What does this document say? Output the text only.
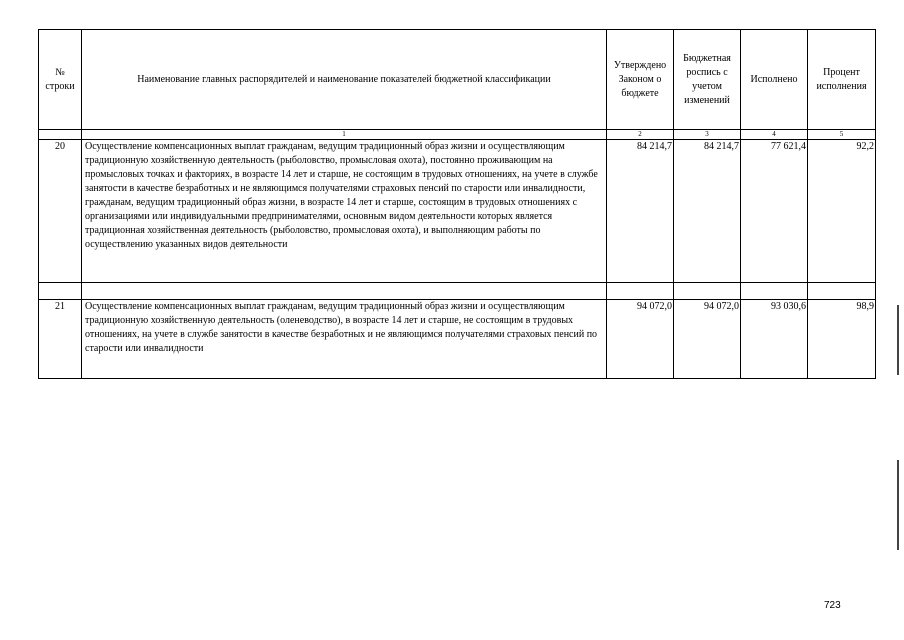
№ строки	Наименование главных распорядителей и наименование показателей бюджетной классификации	Утверждено Законом о бюджете	Бюджетная роспись с учетом изменений	Исполнено	Процент исполнения
	1	2	3	4	5
20	Осуществление компенсационных выплат гражданам, ведущим традиционный образ жизни и осуществляющим традиционную хозяйственную деятельность (рыболовство, промысловая охота), постоянно проживающим на промысловых точках и факториях, в возрасте 14 лет и старше, не состоящим в трудовых отношениях, на учете в службе занятости в качестве безработных и не являющимся получателями страховых пенсий по старости или инвалидности, гражданам, ведущим традиционный образ жизни, в возрасте 14 лет и старше, состоящим в трудовых отношениях с организациями или индивидуальными предпринимателями, основным видом деятельности которых является традиционная хозяйственная деятельность (рыболовство, промысловая охота), и выполняющим работы по осуществлению указанных видов деятельности	84 214,7	84 214,7	77 621,4	92,2

21	Осуществление компенсационных выплат гражданам, ведущим традиционный образ жизни и осуществляющим традиционную хозяйственную деятельность (оленеводство), в возрасте 14 лет и старше, не состоящим в трудовых отношениях, на учете в службе занятости в качестве безработных и не являющимся получателями страховых пенсий по старости или инвалидности	94 072,0	94 072,0	93 030,6	98,9
723
